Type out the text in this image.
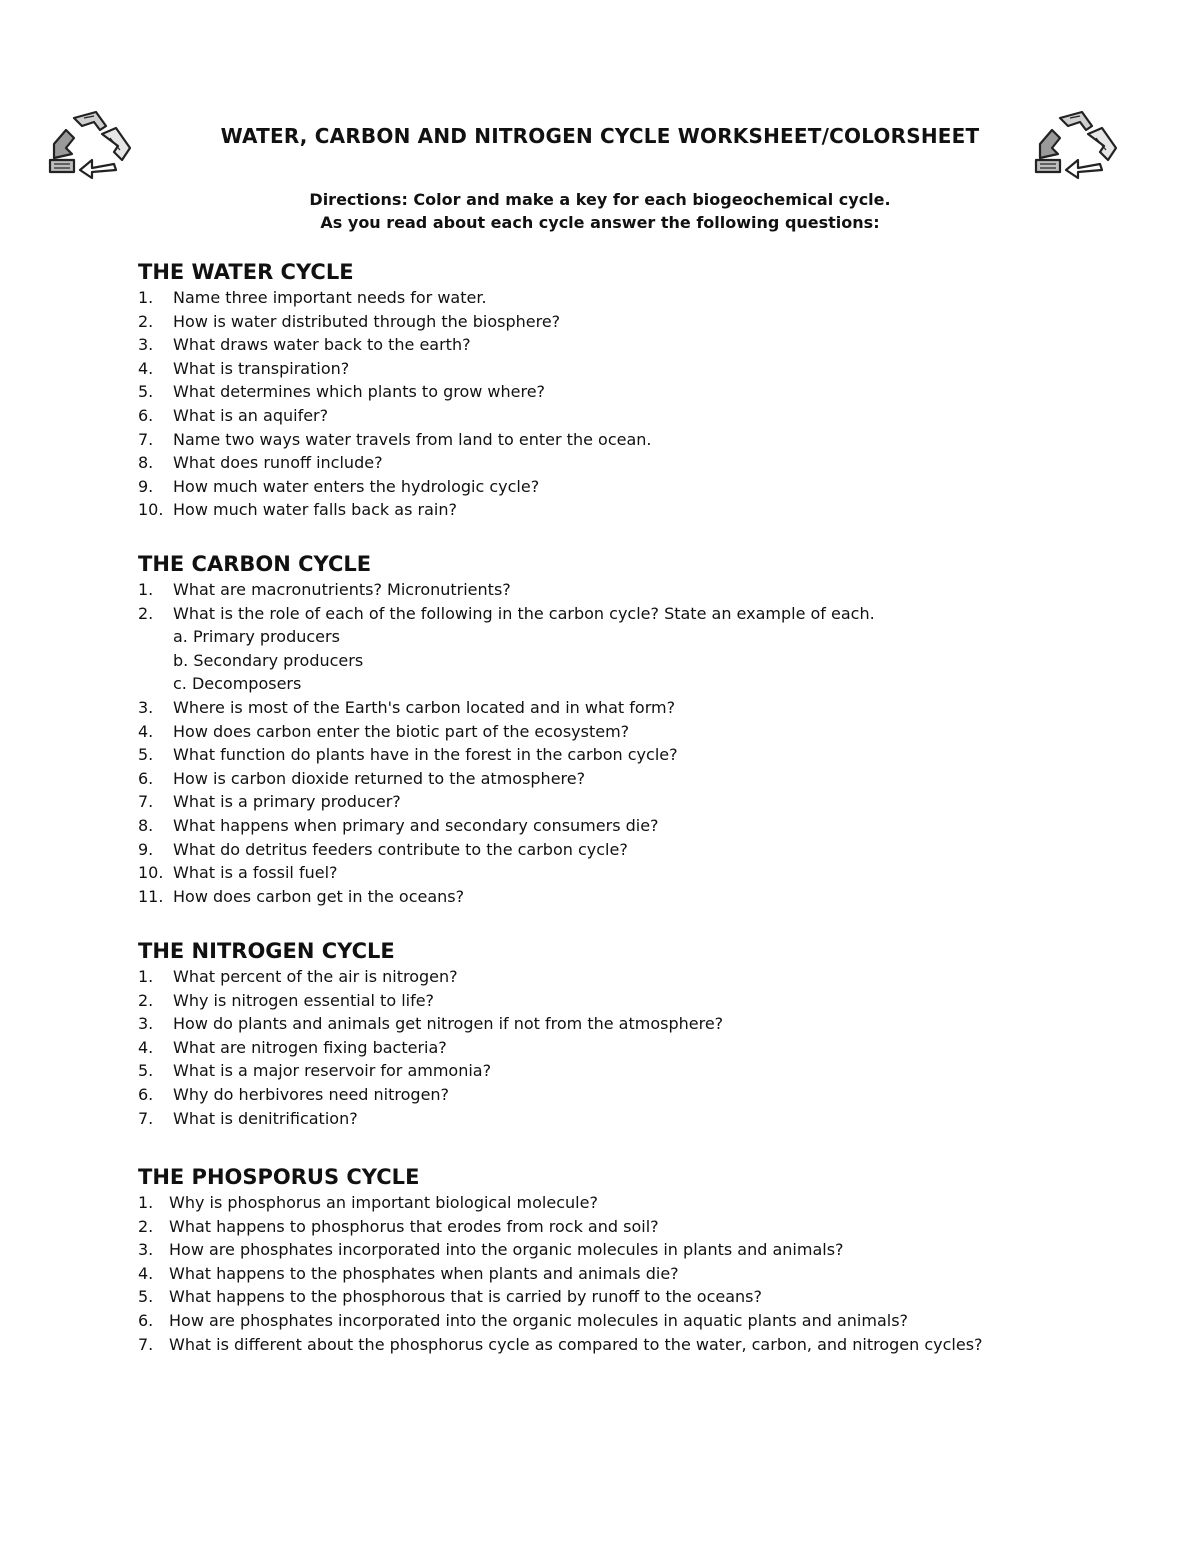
WATER, CARBON AND NITROGEN CYCLE WORKSHEET/COLORSHEET
Directions: Color and make a key for each biogeochemical cycle.
As you read about each cycle answer the following questions:
THE WATER CYCLE
1.	Name three important needs for water.
2.	How is water distributed through the biosphere?
3.	What draws water back to the earth?
4.	What is transpiration?
5.	What determines which plants to grow where?
6.	What is an aquifer?
7.	Name two ways water travels from land to enter the ocean.
8.	What does runoff include?
9.	How much water enters the hydrologic cycle?
10. How much water falls back as rain?
THE CARBON CYCLE
1.	What are macronutrients? Micronutrients?
2.	What is the role of each of the following in the carbon cycle? State an example of each.
a. Primary producers
b. Secondary producers
c. Decomposers
3.	Where is most of the Earth's carbon located and in what form?
4.	How does carbon enter the biotic part of the ecosystem?
5.	What function do plants have in the forest in the carbon cycle?
6.	How is carbon dioxide returned to the atmosphere?
7.	What is a primary producer?
8.	What happens when primary and secondary consumers die?
9.	What do detritus feeders contribute to the carbon cycle?
10. What is a fossil fuel?
11. How does carbon get in the oceans?
THE NITROGEN CYCLE
1.	What percent of the air is nitrogen?
2.	Why is nitrogen essential to life?
3.	How do plants and animals get nitrogen if not from the atmosphere?
4.	What are nitrogen fixing bacteria?
5.	What is a major reservoir for ammonia?
6.	Why do herbivores need nitrogen?
7.	What is denitrification?
THE PHOSPORUS CYCLE
1. Why is phosphorus an important biological molecule?
2. What happens to phosphorus that erodes from rock and soil?
3. How are phosphates incorporated into the organic molecules in plants and animals?
4. What happens to the phosphates when plants and animals die?
5. What happens to the phosphorous that is carried by runoff to the oceans?
6. How are phosphates incorporated into the organic molecules in aquatic plants and animals?
7. What is different about the phosphorus cycle as compared to the water, carbon, and nitrogen cycles?
